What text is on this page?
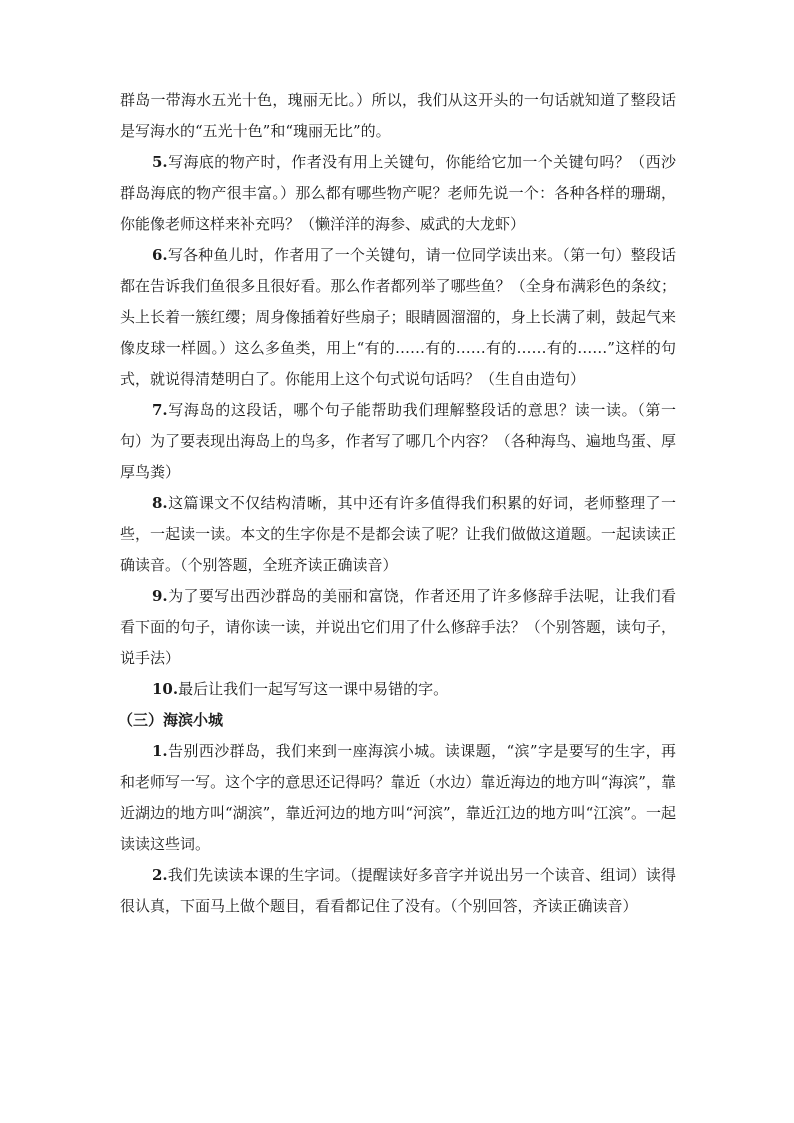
群岛一带海水五光十色，瑰丽无比。）所以，我们从这开头的一句话就知道了整段话是写海水的“五光十色”和“瑰丽无比”的。

5.写海底的物产时，作者没有用上关键句，你能给它加一个关键句吗？（西沙群岛海底的物产很丰富。）那么都有哪些物产呢？老师先说一个：各种各样的珊瑚，你能像老师这样来补充吗？（懒洋洋的海参、威武的大龙虾）

6.写各种鱼儿时，作者用了一个关键句，请一位同学读出来。（第一句）整段话都在告诉我们鱼很多且很好看。那么作者都列举了哪些鱼？（全身布满彩色的条纹；头上长着一簇红缨；周身像插着好些扇子；眼睛圆溜溜的，身上长满了刺，鼓起气来像皮球一样圆。）这么多鱼类，用上“有的……有的……有的……有的……”这样的句式，就说得清楚明白了。你能用上这个句式说句话吗？（生自由造句）

7.写海岛的这段话，哪个句子能帮助我们理解整段话的意思？读一读。（第一句）为了要表现出海岛上的鸟多，作者写了哪几个内容？（各种海鸟、遍地鸟蛋、厚厚鸟粪）

8.这篇课文不仅结构清晰，其中还有许多值得我们积累的好词，老师整理了一些，一起读一读。本文的生字你是不是都会读了呢？让我们做做这道题。一起读读正确读音。（个别答题，全班齐读正确读音）

9.为了要写出西沙群岛的美丽和富饶，作者还用了许多修辞手法呢，让我们看看下面的句子，请你读一读，并说出它们用了什么修辞手法？（个别答题，读句子，说手法）

10.最后让我们一起写写这一课中易错的字。

（三）海滨小城

1.告别西沙群岛，我们来到一座海滨小城。读课题，“滨”字是要写的生字，再和老师写一写。这个字的意思还记得吗？靠近（水边）靠近海边的地方叫“海滨”，靠近湖边的地方叫“湖滨”，靠近河边的地方叫“河滨”，靠近江边的地方叫“江滨”。一起读读这些词。

2.我们先读读本课的生字词。（提醒读好多音字并说出另一个读音、组词）读得很认真，下面马上做个题目，看看都记住了没有。（个别回答，齐读正确读音）
